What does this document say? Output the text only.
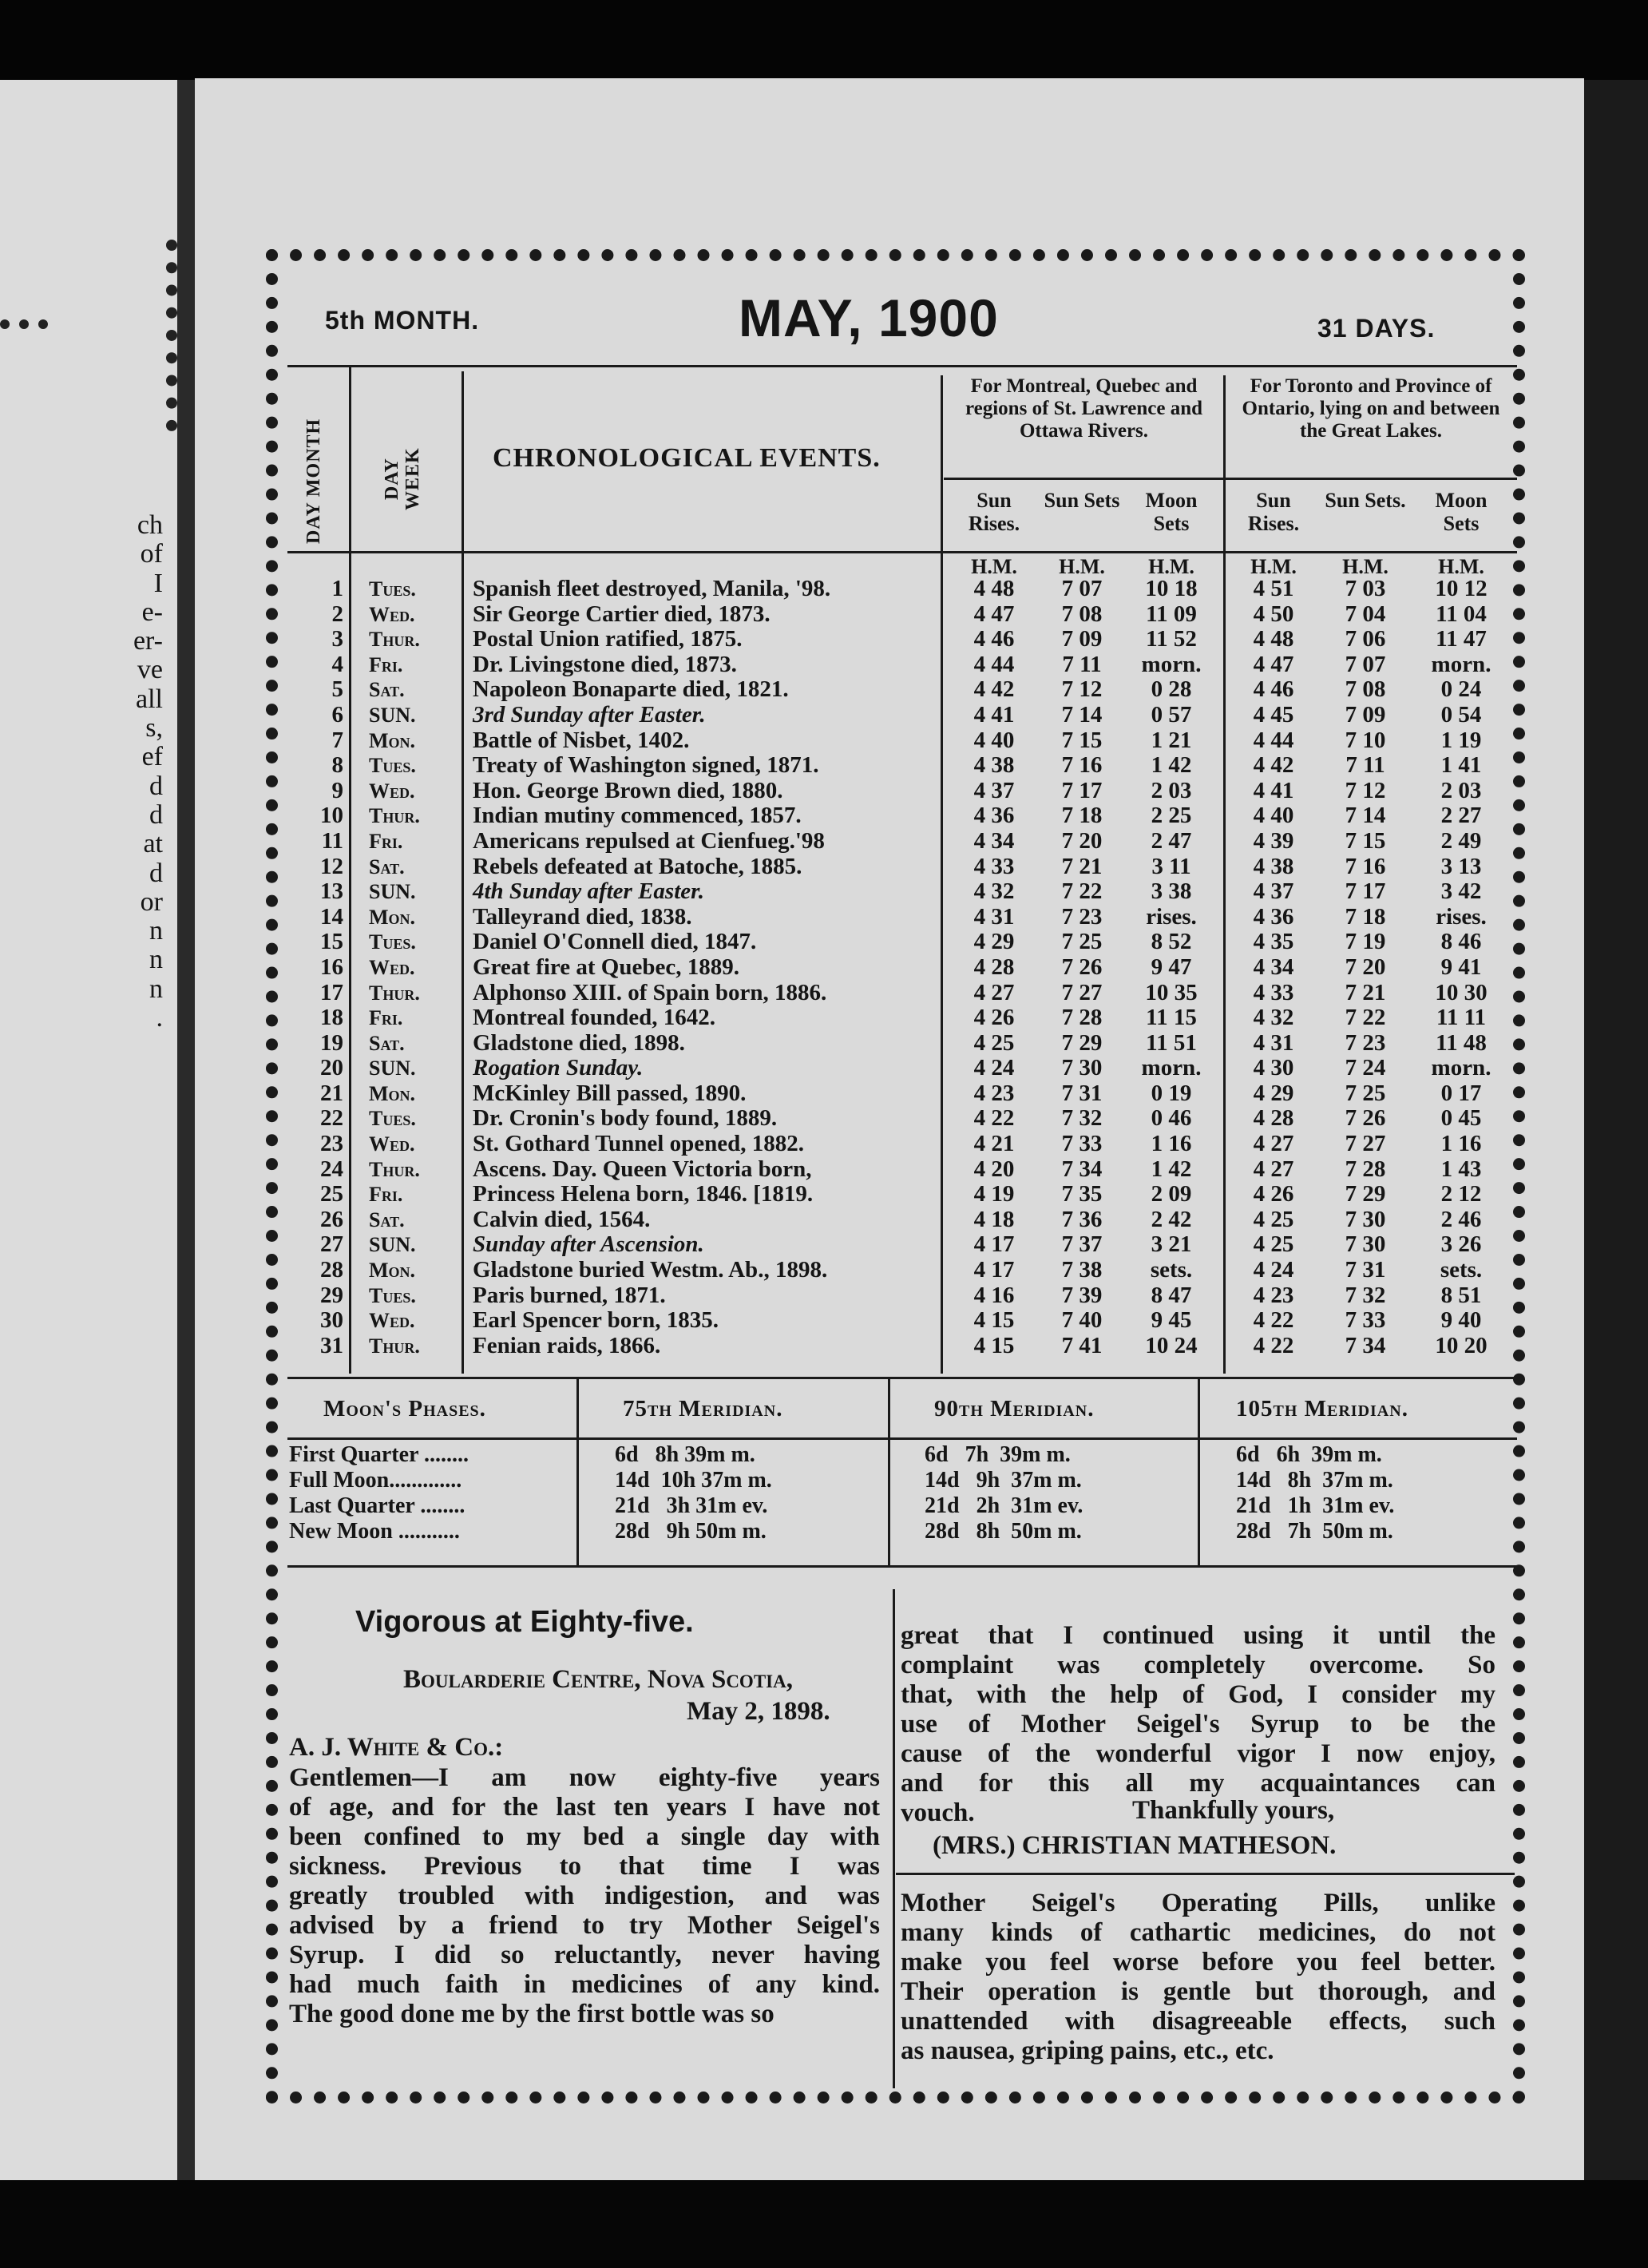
ch
of
I
e-
er-
ve
all
s,
ef
d
d
at
d
or
n
n
n
.
5th MONTH.	MAY, 1900	31 DAYS.
DAY MONTH	DAY WEEK	CHRONOLOGICAL EVENTS.
For Montreal, Quebec and regions of St. Lawrence and Ottawa Rivers.
For Toronto and Province of Ontario, lying on and between the Great Lakes.
Sun Rises.
Sun Sets	Moon Sets
Sun Rises.
Sun Sets.	Moon Sets
H.M.	H.M.	H.M.	H.M.	H.M.	H.M.
1 Tues. Spanish fleet destroyed, Manila, '98.	4 48	7 07	10 18	4 51	7 03	10 12
2 Wed. Sir George Cartier died, 1873.	4 47	7 08	11 09	4 50	7 04	11 04
3 Thur. Postal Union ratified, 1875.	4 46	7 09	11 52	4 48	7 06	11 47
4 Fri.	Dr. Livingstone died, 1873.	4 44	7 11	morn.	4 47	7 07	morn.
5 Sat.	Napoleon Bonaparte died, 1821.	4 42	7 12	0 28	4 46	7 08	0 24
6 SUN. 3rd Sunday after Easter.	4 41	7 14	0 57	4 45	7 09	0 54
7 Mon. Battle of Nisbet, 1402.	4 40	7 15	1 21	4 44	7 10	1 19
8 Tues. Treaty of Washington signed, 1871.	4 38	7 16	1 42	4 42	7 11	1 41
9 Wed. Hon. George Brown died, 1880.	4 37	7 17	2 03	4 41	7 12	2 03
10 Thur. Indian mutiny commenced, 1857.	4 36	7 18	2 25	4 40	7 14	2 27
11 Fri.	Americans repulsed at Cienfueg.'98	4 34	7 20	2 47	4 39	7 15	2 49
12 Sat.	Rebels defeated at Batoche, 1885.	4 33	7 21	3 11	4 38	7 16	3 13
13 SUN. 4th Sunday after Easter.	4 32	7 22	3 38	4 37	7 17	3 42
14 Mon. Talleyrand died, 1838.	4 31	7 23	rises.	4 36	7 18	rises.
15 Tues. Daniel O'Connell died, 1847.	4 29	7 25	8 52	4 35	7 19	8 46
16 Wed. Great fire at Quebec, 1889.	4 28	7 26	9 47	4 34	7 20	9 41
17 Thur. Alphonso XIII. of Spain born, 1886.	4 27	7 27	10 35	4 33	7 21	10 30
18 Fri.	Montreal founded, 1642.	4 26	7 28	11 15	4 32	7 22	11 11
19 Sat.	Gladstone died, 1898.	4 25	7 29	11 51	4 31	7 23	11 48
20 SUN. Rogation Sunday.	4 24	7 30	morn.	4 30	7 24	morn.
21 Mon. McKinley Bill passed, 1890.	4 23	7 31	0 19	4 29	7 25	0 17
22 Tues. Dr. Cronin's body found, 1889.	4 22	7 32	0 46	4 28	7 26	0 45
23 Wed. St. Gothard Tunnel opened, 1882.	4 21	7 33	1 16	4 27	7 27	1 16
24 Thur. Ascens. Day. Queen Victoria born,	4 20	7 34	1 42	4 27	7 28	1 43
25 Fri.	Princess Helena born, 1846. [1819.	4 19	7 35	2 09	4 26	7 29	2 12
26 Sat.	Calvin died, 1564.	4 18	7 36	2 42	4 25	7 30	2 46
27 SUN. Sunday after Ascension.	4 17	7 37	3 21	4 25	7 30	3 26
28 Mon. Gladstone buried Westm. Ab., 1898.	4 17	7 38	sets.	4 24	7 31	sets.
29 Tues. Paris burned, 1871.	4 16	7 39	8 47	4 23	7 32	8 51
30 Wed. Earl Spencer born, 1835.	4 15	7 40	9 45	4 22	7 33	9 40
31 Thur. Fenian raids, 1866.	4 15	7 41	10 24	4 22	7 34	10 20
Moon's Phases.	75th Meridian.	90th Meridian.	105th Meridian.
First Quarter ........	6d   8h 39m m.	6d   7h  39m m.	6d   6h  39m m.
Full Moon.............	14d  10h 37m m.	14d   9h  37m m.	14d   8h  37m m.
Last Quarter ........	21d   3h 31m ev.	21d   2h  31m ev.	21d   1h  31m ev.
New Moon ...........	28d   9h 50m m.	28d   8h  50m m.	28d   7h  50m m.
Vigorous at Eighty-five.
Boularderie Centre, Nova Scotia,
May 2, 1898.
A. J. White & Co.:

Gentlemen—I am now eighty-five years

of age, and for the last ten years I have not

been confined to my bed a single day with

sickness. Previous to that time I was

greatly troubled with indigestion, and was

advised by a friend to try Mother Seigel's

Syrup. I did so reluctantly, never having

had much faith in medicines of any kind.

The good done me by the first bottle was so

great that I continued using it until the

complaint was completely overcome. So

that, with the help of God, I consider my

use of Mother Seigel's Syrup to be the

cause of the wonderful vigor I now enjoy,

and for this all my acquaintances can

vouch.	Thankfully yours,
(MRS.) CHRISTIAN MATHESON.

Mother Seigel's Operating Pills, unlike

many kinds of cathartic medicines, do not

make you feel worse before you feel better.

Their operation is gentle but thorough, and

unattended with disagreeable effects, such

as nausea, griping pains, etc., etc.
